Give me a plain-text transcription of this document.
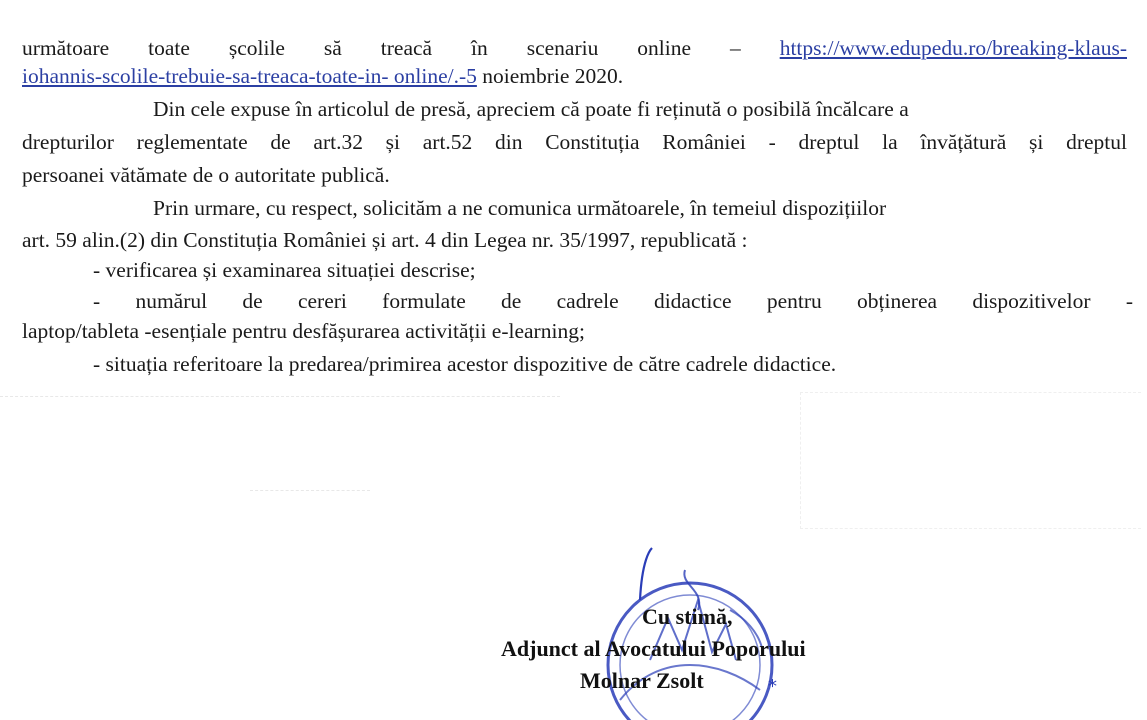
următoare toate școlile să treacă în scenariu online – https://www.edupedu.ro/breaking-klaus-
iohannis-scolile-trebuie-sa-treaca-toate-in- online/.-5 noiembrie 2020.
Din cele expuse în articolul de presă, apreciem că poate fi reținută o posibilă încălcare a
drepturilor reglementate de art.32 și art.52 din Constituția României - dreptul la învățătură și dreptul
persoanei vătămate de o autoritate publică.
Prin urmare, cu respect, solicităm a ne comunica următoarele, în temeiul dispozițiilor
art. 59 alin.(2) din Constituția României și art. 4 din Legea nr. 35/1997, republicată :
- verificarea și examinarea situației descrise;
- numărul de cereri formulate de cadrele didactice pentru obținerea dispozitivelor -
laptop/tableta -esențiale pentru desfășurarea activității e-learning;
- situația referitoare la predarea/primirea acestor dispozitive de către cadrele didactice.
*
Cu stimă,
Adjunct al Avocatului Poporului
Molnar Zsolt
